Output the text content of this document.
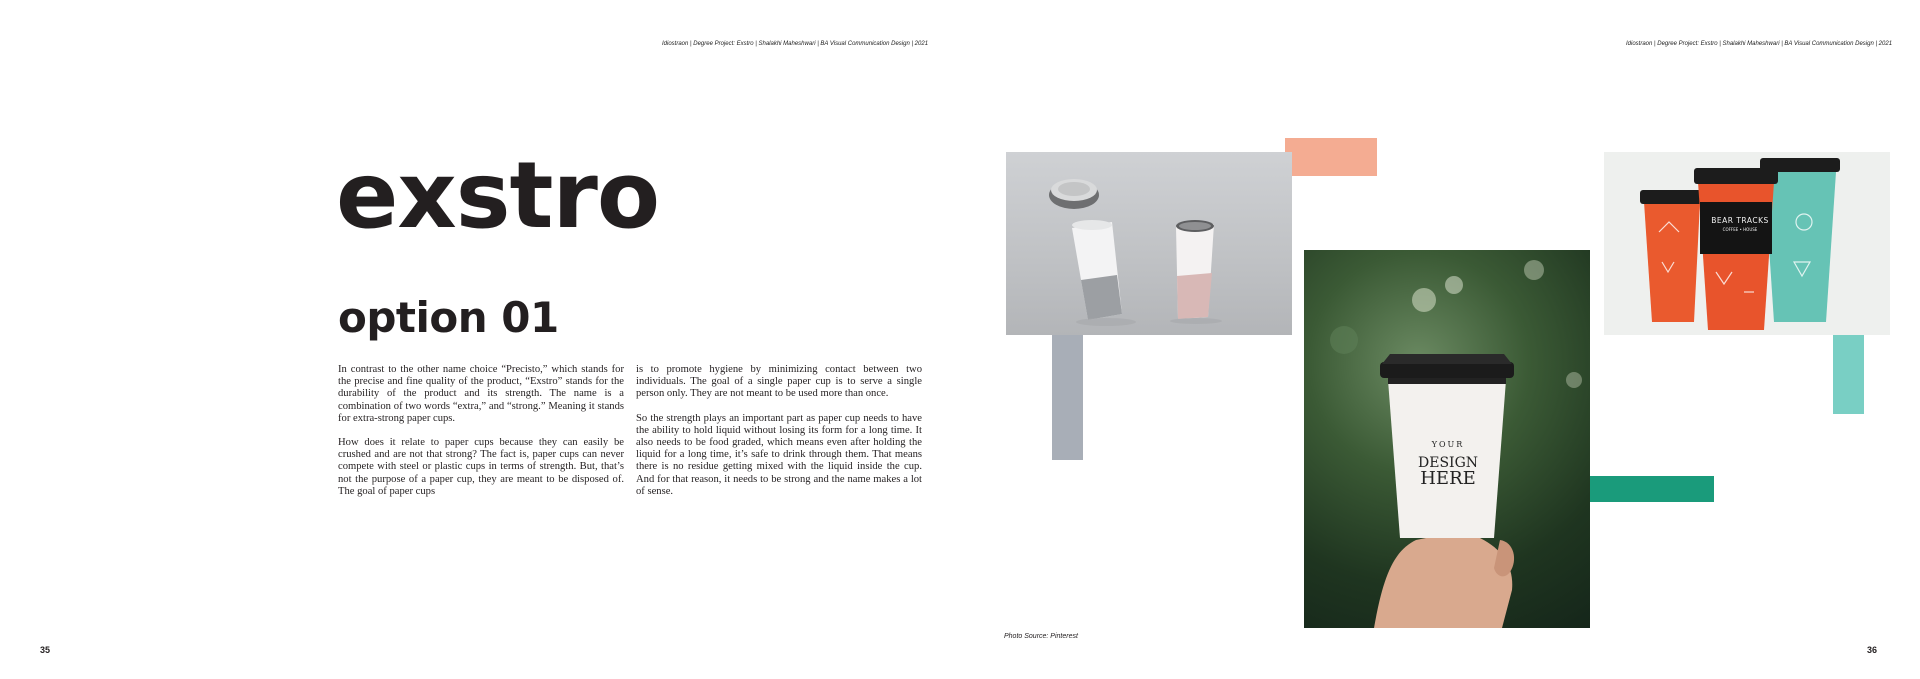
Idiostraon | Degree Project: Exstro | Shalakhi Maheshwari | BA Visual Communication Design | 2021	Idiostraon | Degree Project: Exstro | Shalakhi Maheshwari | BA Visual Communication Design | 2021
exstro
option 01

In contrast to the other name choice “Precisto,” which stands for the precise and fine quality of the product, “Exstro” stands for the durability of the product and its strength. The name is a combination of two words “extra,” and “strong.” Meaning it stands for extra-strong paper cups.

How does it relate to paper cups because they can easily be crushed and are not that strong? The fact is, paper cups can never compete with steel or plastic cups in terms of strength. But, that’s not the purpose of a paper cup, they are meant to be disposed of. The goal of paper cups

is to promote hygiene by minimizing contact between two individuals. The goal of a single paper cup is to serve a single person only. They are not meant to be used more than once.

So the strength plays an important part as paper cup needs to have the ability to hold liquid without losing its form for a long time. It also needs to be food graded, which means even after holding the liquid for a long time, it’s safe to drink through them. That means there is no residue getting mixed with the liquid inside the cup. And for that reason, it needs to be strong and the name makes a lot of sense.

35
YOUR
DESIGN
HERE
BEAR TRACKS
COFFEE • HOUSE
Photo Source: Pinterest
36
